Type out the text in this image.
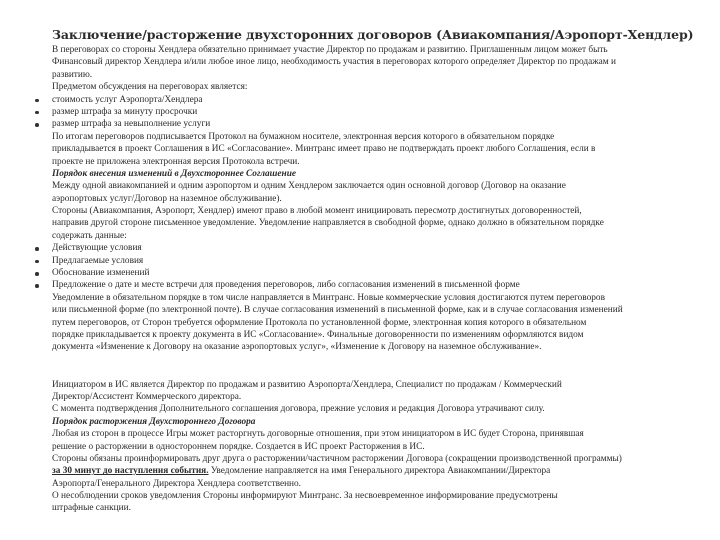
Заключение/расторжение двухсторонних договоров (Авиакомпания/Аэропорт-Хендлер)
В переговорах со стороны Хендлера обязательно принимает участие Директор по продажам и развитию. Приглашенным лицом может быть
Финансовый директор Хендлера и/или любое иное лицо, необходимость участия в переговорах которого определяет Директор по продажам и
развитию.
Предметом обсуждения на переговорах является:
стоимость услуг Аэропорта/Хендлера
размер штрафа за минуту просрочки
размер штрафа за невыполнение услуги
По итогам переговоров подписывается Протокол на бумажном носителе, электронная версия которого в обязательном порядке
прикладывается в проект Соглашения в ИС «Согласование». Минтранс имеет право не подтверждать проект любого Соглашения, если в
проекте не приложена электронная версия Протокола встречи.
Порядок внесения изменений в Двухстороннее Соглашение
Между одной авиакомпанией и одним аэропортом и одним Хендлером заключается один основной договор (Договор на оказание
аэропортовых услуг/Договор на наземное обслуживание).
Стороны (Авиакомпания, Аэропорт, Хендлер) имеют право в любой момент инициировать пересмотр достигнутых договоренностей,
направив другой стороне письменное уведомление. Уведомление направляется в свободной форме, однако должно в обязательном порядке
содержать данные:
Действующие условия
Предлагаемые условия
Обоснование изменений
Предложение о дате и месте встречи для проведения переговоров, либо согласования изменений в письменной форме
Уведомление в обязательном порядке в том числе направляется в Минтранс. Новые коммерческие условия достигаются путем переговоров
или письменной форме (по электронной почте). В случае согласования изменений в письменной форме, как и в случае согласования изменений
путем переговоров, от Сторон требуется оформление Протокола по установленной форме, электронная копия которого в обязательном
порядке прикладывается к проекту документа в ИС «Согласование». Финальные договоренности по изменениям оформляются видом
документа «Изменение к Договору на оказание аэропортовых услуг», «Изменение к Договору на наземное обслуживание».
Инициатором в ИС является Директор по продажам и развитию Аэропорта/Хендлера, Специалист по продажам / Коммерческий
Директор/Ассистент Коммерческого директора.
С момента подтверждения Дополнительного соглашения договора, прежние условия и редакция Договора утрачивают силу.
Порядок расторжения Двухстороннего Договора
Любая из сторон в процессе Игры может расторгнуть договорные отношения, при этом инициатором в ИС будет Сторона, принявшая
решение о расторжении в одностороннем порядке. Создается в ИС проект Расторжения в ИС.
Стороны обязаны проинформировать друг друга о расторжении/частичном расторжении Договора (сокращении производственной программы)
за 30 минут до наступления события. Уведомление направляется на имя Генерального директора Авиакомпании/Директора
Аэропорта/Генерального Директора Хендлера соответственно.
О несоблюдении сроков уведомления Стороны информируют Минтранс. За несвоевременное информирование предусмотрены
штрафные санкции.
